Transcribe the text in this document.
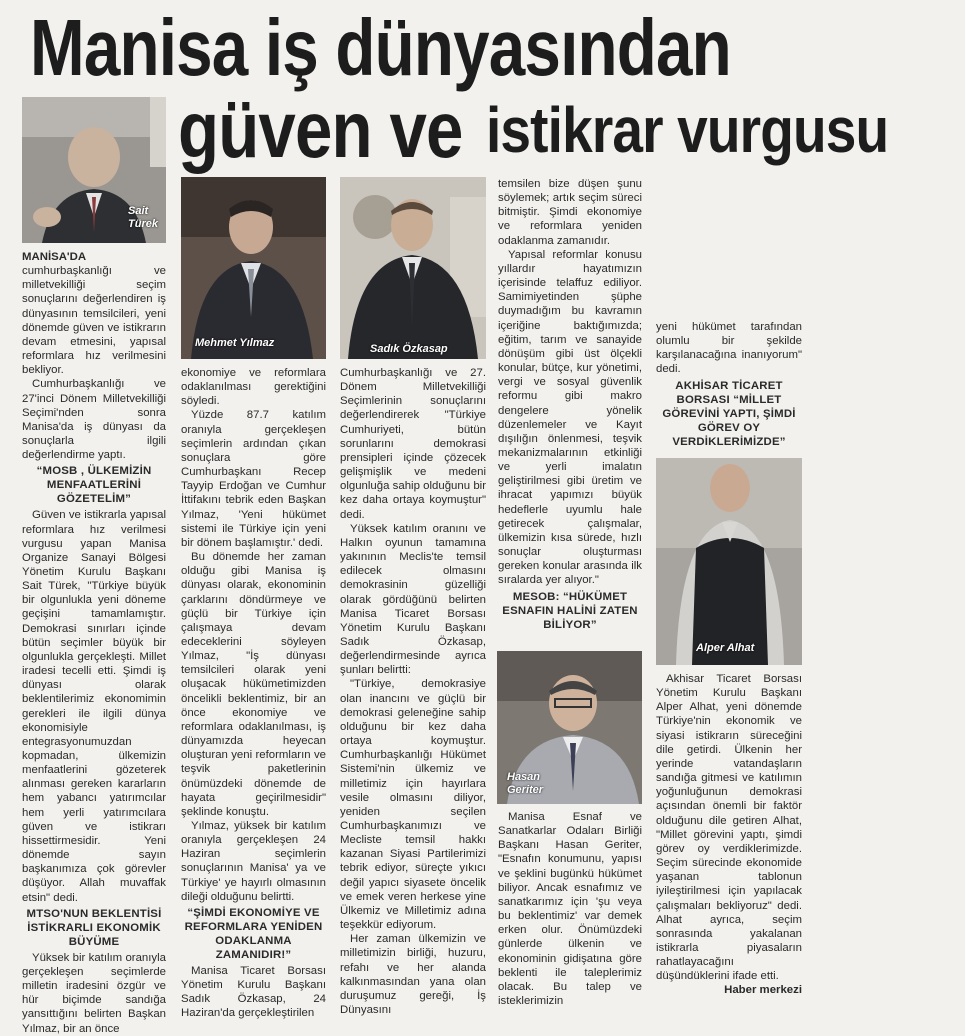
Manisa iş dünyasından
güven ve istikrar vurgusu
Sait
Türek
Mehmet Yılmaz	Sadık Özkasap
Hasan
Geriter
Alper Alhat

MANİSA'DA cumhurbaşkanlığı ve milletvekilliği seçim sonuçlarını değerlendiren iş dünyasının temsilcileri, yeni dönemde güven ve istikrarın devam etmesini, yapısal reformlara hız verilmesini bekliyor.

Cumhurbaşkanlığı ve 27'inci Dönem Milletvekilliği Seçimi'nden sonra Manisa'da iş dünyası da sonuçlarla ilgili değerlendirme yaptı.

“MOSB , ÜLKEMİZİN MENFAATLERİNİ GÖZETELİM”

Güven ve istikrarla yapısal reformlara hız verilmesi vurgusu yapan Manisa Organize Sanayi Bölgesi Yönetim Kurulu Başkanı Sait Türek, "Türkiye büyük bir olgunlukla yeni döneme geçişini tamamlamıştır. Demokrasi sınırları içinde bütün seçimler büyük bir olgunlukla gerçekleşti. Millet iradesi tecelli etti. Şimdi iş dünyası olarak beklentilerimiz ekonomimin gerekleri ile ilgili dünya ekonomisiyle entegrasyonumuzdan kopmadan, ülkemizin menfaatlerini gözeterek alınması gereken kararların hem yabancı yatırımcılar hem yerli yatırımcılara güven ve istikrarı hissettirmesidir. Yeni dönemde sayın başkanımıza çok görevler düşüyor. Allah muvaffak etsin" dedi.

MTSO'NUN BEKLENTİSİ İSTİKRARLI EKONOMİK BÜYÜME

Yüksek bir katılım oranıyla gerçekleşen seçimlerde milletin iradesini özgür ve hür biçimde sandığa yansıttığını belirten Başkan Yılmaz, bir an önce

ekonomiye ve reformlara odaklanılması gerektiğini söyledi.

Yüzde 87.7 katılım oranıyla gerçekleşen seçimlerin ardından çıkan sonuçlara göre Cumhurbaşkanı Recep Tayyip Erdoğan ve Cumhur İttifakını tebrik eden Başkan Yılmaz, 'Yeni hükümet sistemi ile Türkiye için yeni bir dönem başlamıştır.' dedi.

Bu dönemde her zaman olduğu gibi Manisa iş dünyası olarak, ekonominin çarklarını döndürmeye ve güçlü bir Türkiye için çalışmaya devam edeceklerini söyleyen Yılmaz, "İş dünyası temsilcileri olarak yeni oluşacak hükümetimizden öncelikli beklentimiz, bir an önce ekonomiye ve reformlara odaklanılması, iş dünyamızda heyecan oluşturan yeni reformların ve teşvik paketlerinin önümüzdeki dönemde de hayata geçirilmesidir" şeklinde konuştu.

Yılmaz, yüksek bir katılım oranıyla gerçekleşen 24 Haziran seçimlerin sonuçlarının Manisa' ya ve Türkiye' ye hayırlı olmasının dileği olduğunu belirtti.

“ŞİMDİ EKONOMİYE VE REFORMLARA YENİDEN ODAKLANMA ZAMANIDIR!”

Manisa Ticaret Borsası Yönetim Kurulu Başkanı Sadık Özkasap, 24 Haziran'da gerçekleştirilen

Cumhurbaşkanlığı ve 27. Dönem Milletvekilliği Seçimlerinin sonuçlarını değerlendirerek "Türkiye Cumhuriyeti, bütün sorunlarını demokrasi prensipleri içinde çözecek gelişmişlik ve medeni olgunluğa sahip olduğunu bir kez daha ortaya koymuştur" dedi.

Yüksek katılım oranını ve Halkın oyunun tamamına yakınının Meclis'te temsil edilecek olmasını demokrasinin güzelliği olarak gördüğünü belirten Manisa Ticaret Borsası Yönetim Kurulu Başkanı Sadık Özkasap, değerlendirmesinde ayrıca şunları belirtti:

"Türkiye, demokrasiye olan inancını ve güçlü bir demokrasi geleneğine sahip olduğunu bir kez daha ortaya koymuştur. Cumhurbaşkanlığı Hükümet Sistemi'nin ülkemiz ve milletimiz için hayırlara vesile olmasını diliyor, yeniden seçilen Cumhurbaşkanımızı ve Mecliste temsil hakkı kazanan Siyasi Partilerimizi tebrik ediyor, süreçte yıkıcı değil yapıcı siyasete öncelik ve emek veren herkese yine Ülkemiz ve Milletimiz adına teşekkür ediyorum.

Her zaman ülkemizin ve milletimizin birliği, huzuru, refahı ve her alanda kalkınmasından yana olan duruşumuz gereği, İş Dünyasını

temsilen bize düşen şunu söylemek; artık seçim süreci bitmiştir. Şimdi ekonomiye ve reformlara yeniden odaklanma zamanıdır.

Yapısal reformlar konusu yıllardır hayatımızın içerisinde telaffuz ediliyor. Samimiyetinden şüphe duymadığım bu kavramın içeriğine baktığımızda; eğitim, tarım ve sanayide dönüşüm gibi üst ölçekli konular, bütçe, kur yönetimi, vergi ve sosyal güvenlik reformu gibi makro dengelere yönelik düzenlemeler ve Kayıt dışılığın önlenmesi, teşvik mekanizmalarının etkinliği ve yerli imalatın geliştirilmesi gibi üretim ve ihracat yapımızı büyük hedeflerle uyumlu hale getirecek çalışmalar, ülkemizin kısa sürede, hızlı sonuçlar oluşturması gereken konular arasında ilk sıralarda yer alıyor."

MESOB: “HÜKÜMET ESNAFIN HALİNİ ZATEN BİLİYOR”

Manisa Esnaf ve Sanatkarlar Odaları Birliği Başkanı Hasan Geriter, "Esnafın konumunu, yapısı ve şeklini bugünkü hükümet biliyor. Ancak esnafımız ve sanatkarımız için 'şu veya bu beklentimiz' var demek erken olur. Önümüzdeki günlerde ülkenin ve ekonominin gidişatına göre beklenti ile taleplerimiz olacak. Bu talep ve isteklerimizin

yeni hükümet tarafından olumlu bir şekilde karşılanacağına inanıyorum" dedi.

AKHİSAR TİCARET BORSASI “MİLLET GÖREVİNİ YAPTI, ŞİMDİ GÖREV OY VERDİKLERİMİZDE”

Akhisar Ticaret Borsası Yönetim Kurulu Başkanı Alper Alhat, yeni dönemde Türkiye'nin ekonomik ve siyasi istikrarın süreceğini dile getirdi. Ülkenin her yerinde vatandaşların sandığa gitmesi ve katılımın yoğunluğunun demokrasi açısından önemli bir faktör olduğunu dile getiren Alhat, "Millet görevini yaptı, şimdi görev oy verdiklerimizde. Seçim sürecinde ekonomide yaşanan tablonun iyileştirilmesi için yapılacak çalışmaları bekliyoruz" dedi. Alhat ayrıca, seçim sonrasında yakalanan istikrarla piyasaların rahatlayacağını düşündüklerini ifade etti.

Haber merkezi
